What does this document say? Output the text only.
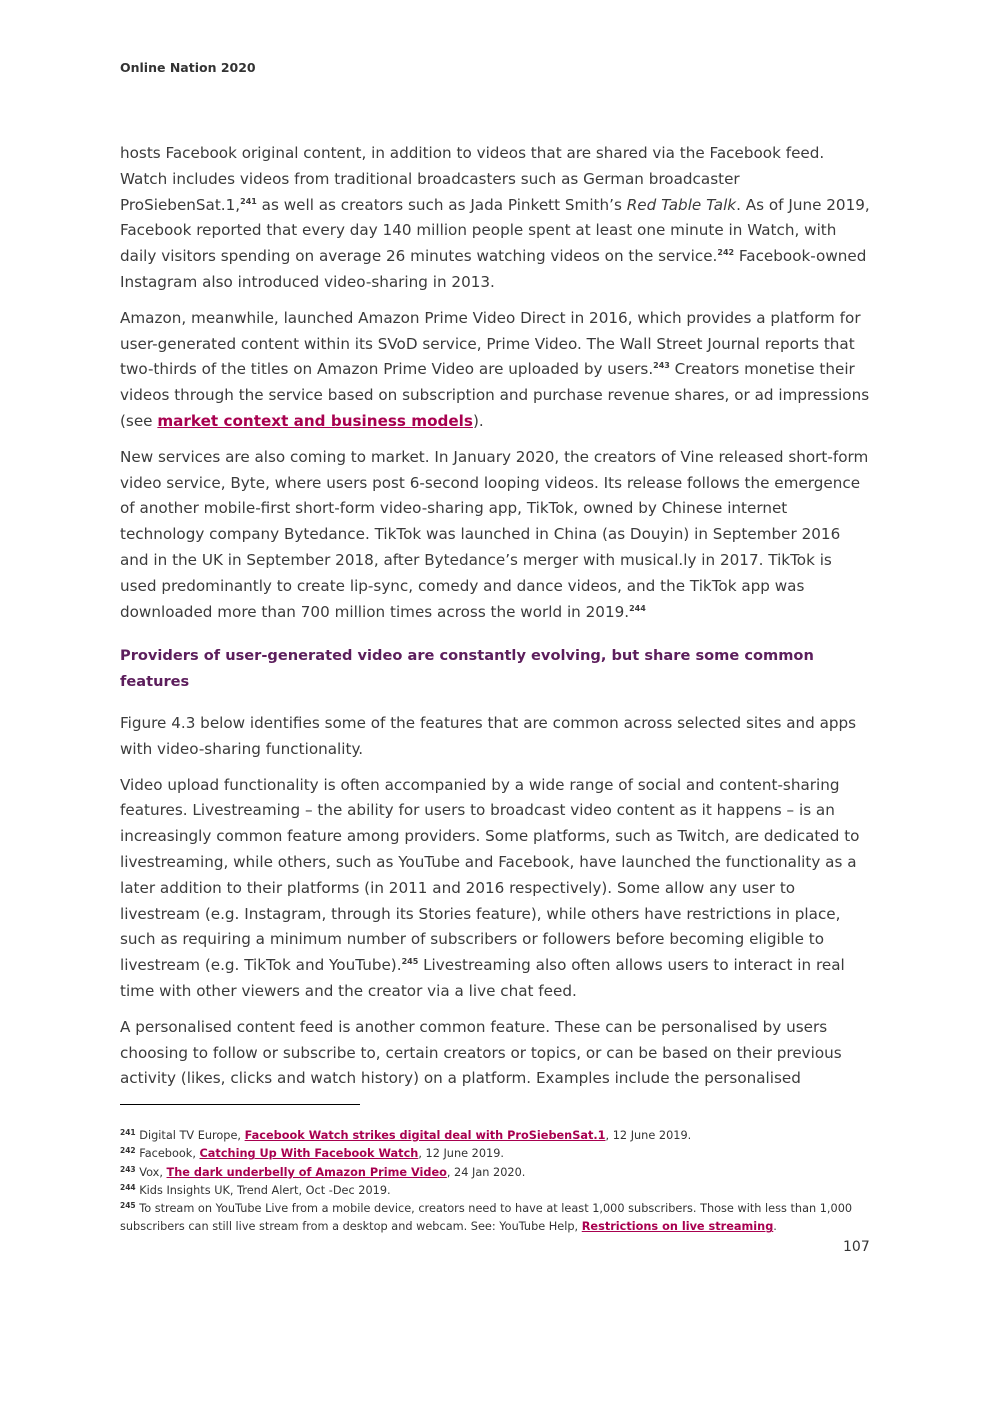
Online Nation 2020

hosts Facebook original content, in addition to videos that are shared via the Facebook feed. Watch includes videos from traditional broadcasters such as German broadcaster ProSiebenSat.1,$^{241}$ as well as creators such as Jada Pinkett Smith’s Red Table Talk. As of June 2019, Facebook reported that every day 140 million people spent at least one minute in Watch, with daily visitors spending on average 26 minutes watching videos on the service.$^{242}$ Facebook-owned Instagram also introduced video-sharing in 2013.

Amazon, meanwhile, launched Amazon Prime Video Direct in 2016, which provides a platform for user-generated content within its SVoD service, Prime Video. The Wall Street Journal reports that two-thirds of the titles on Amazon Prime Video are uploaded by users.$^{243}$ Creators monetise their videos through the service based on subscription and purchase revenue shares, or ad impressions (see market context and business models).

New services are also coming to market. In January 2020, the creators of Vine released short-form video service, Byte, where users post 6-second looping videos. Its release follows the emergence of another mobile-first short-form video-sharing app, TikTok, owned by Chinese internet technology company Bytedance. TikTok was launched in China (as Douyin) in September 2016 and in the UK in September 2018, after Bytedance’s merger with musical.ly in 2017. TikTok is used predominantly to create lip-sync, comedy and dance videos, and the TikTok app was downloaded more than 700 million times across the world in 2019.$^{244}$

Providers of user-generated video are constantly evolving, but share some common features

Figure 4.3 below identifies some of the features that are common across selected sites and apps with video-sharing functionality.

Video upload functionality is often accompanied by a wide range of social and content-sharing features. Livestreaming – the ability for users to broadcast video content as it happens – is an increasingly common feature among providers. Some platforms, such as Twitch, are dedicated to livestreaming, while others, such as YouTube and Facebook, have launched the functionality as a later addition to their platforms (in 2011 and 2016 respectively). Some allow any user to livestream (e.g. Instagram, through its Stories feature), while others have restrictions in place, such as requiring a minimum number of subscribers or followers before becoming eligible to livestream (e.g. TikTok and YouTube).$^{245}$ Livestreaming also often allows users to interact in real time with other viewers and the creator via a live chat feed.

A personalised content feed is another common feature. These can be personalised by users choosing to follow or subscribe to, certain creators or topics, or can be based on their previous activity (likes, clicks and watch history) on a platform. Examples include the personalised

$^{241}$ Digital TV Europe, Facebook Watch strikes digital deal with ProSiebenSat.1, 12 June 2019.
$^{242}$ Facebook, Catching Up With Facebook Watch, 12 June 2019.
$^{243}$ Vox, The dark underbelly of Amazon Prime Video, 24 Jan 2020.
$^{244}$ Kids Insights UK, Trend Alert, Oct -Dec 2019.
$^{245}$ To stream on YouTube Live from a mobile device, creators need to have at least 1,000 subscribers. Those with less than 1,000 subscribers can still live stream from a desktop and webcam. See: YouTube Help, Restrictions on live streaming.
107
